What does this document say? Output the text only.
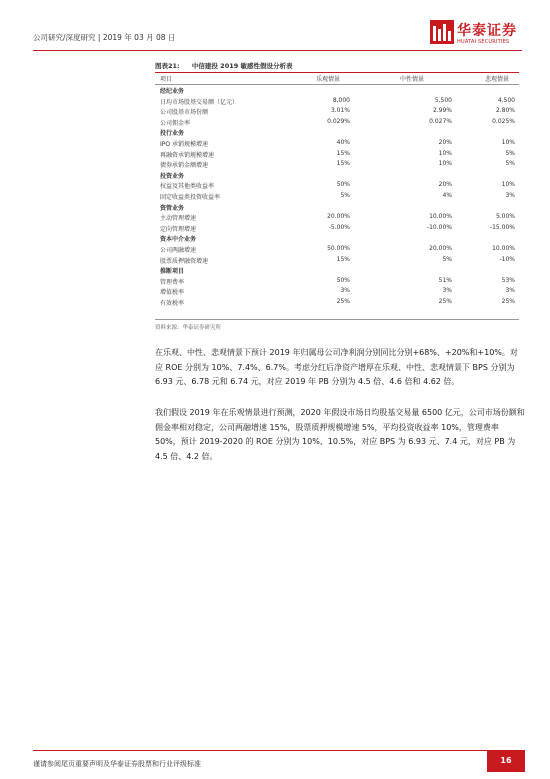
公司研究/深度研究 | 2019 年 03 月 08 日	华泰证券
HUATAI SECURITIES
图表21: 中信建投 2019 敏感性假设分析表
项目	乐观情景	中性情景	悲观情景
经纪业务
日均市场股基交易额（亿元）	8,000	5,500	4,500
公司股基市场份额	3.01%	2.99%	2.80%
公司佣金率	0.029%	0.027%	0.025%
投行业务
IPO 承销规模增速	40%	20%	10%
再融资承销规模增速	15%	10%	5%
债券承销金额增速	15%	10%	5%
投资业务
权益及其他类收益率	50%	20%	10%
固定收益类投资收益率	5%	4%	3%
资管业务
主动管理增速	20.00%	10.00%	5.00%
定向管理增速	-5.00%	-10.00%	-15.00%
资本中介业务
公司两融增速	50.00%	20.00%	10.00%
股票质押融资增速	15%	5%	-10%
推断项目
管理费率	50%	51%	53%
增值税率	3%	3%	3%
有效税率	25%	25%	25%
资料来源：华泰证券研究所
在乐观、中性、悲观情景下预计 2019 年归属母公司净利润分别同比分别+68%、+20%和+10%。对应 ROE 分别为 10%、7.4%、6.7%。考虑分红后净资产增厚在乐观、中性、悲观情景下 BPS 分别为 6.93 元、6.78 元和 6.74 元，对应 2019 年 PB 分别为 4.5 倍、4.6 倍和 4.62 倍。
我们假设 2019 年在乐观情景进行预测，2020 年假设市场日均股基交易量 6500 亿元，公司市场份额和佣金率相对稳定，公司两融增速 15%，股票质押规模增速 5%，平均投资收益率 10%，管理费率 50%，预计 2019-2020 的 ROE 分别为 10%、10.5%，对应 BPS 为 6.93 元、7.4 元，对应 PB 为 4.5 倍、4.2 倍。
谨请参阅尾页重要声明及华泰证券股票和行业评级标准	16
